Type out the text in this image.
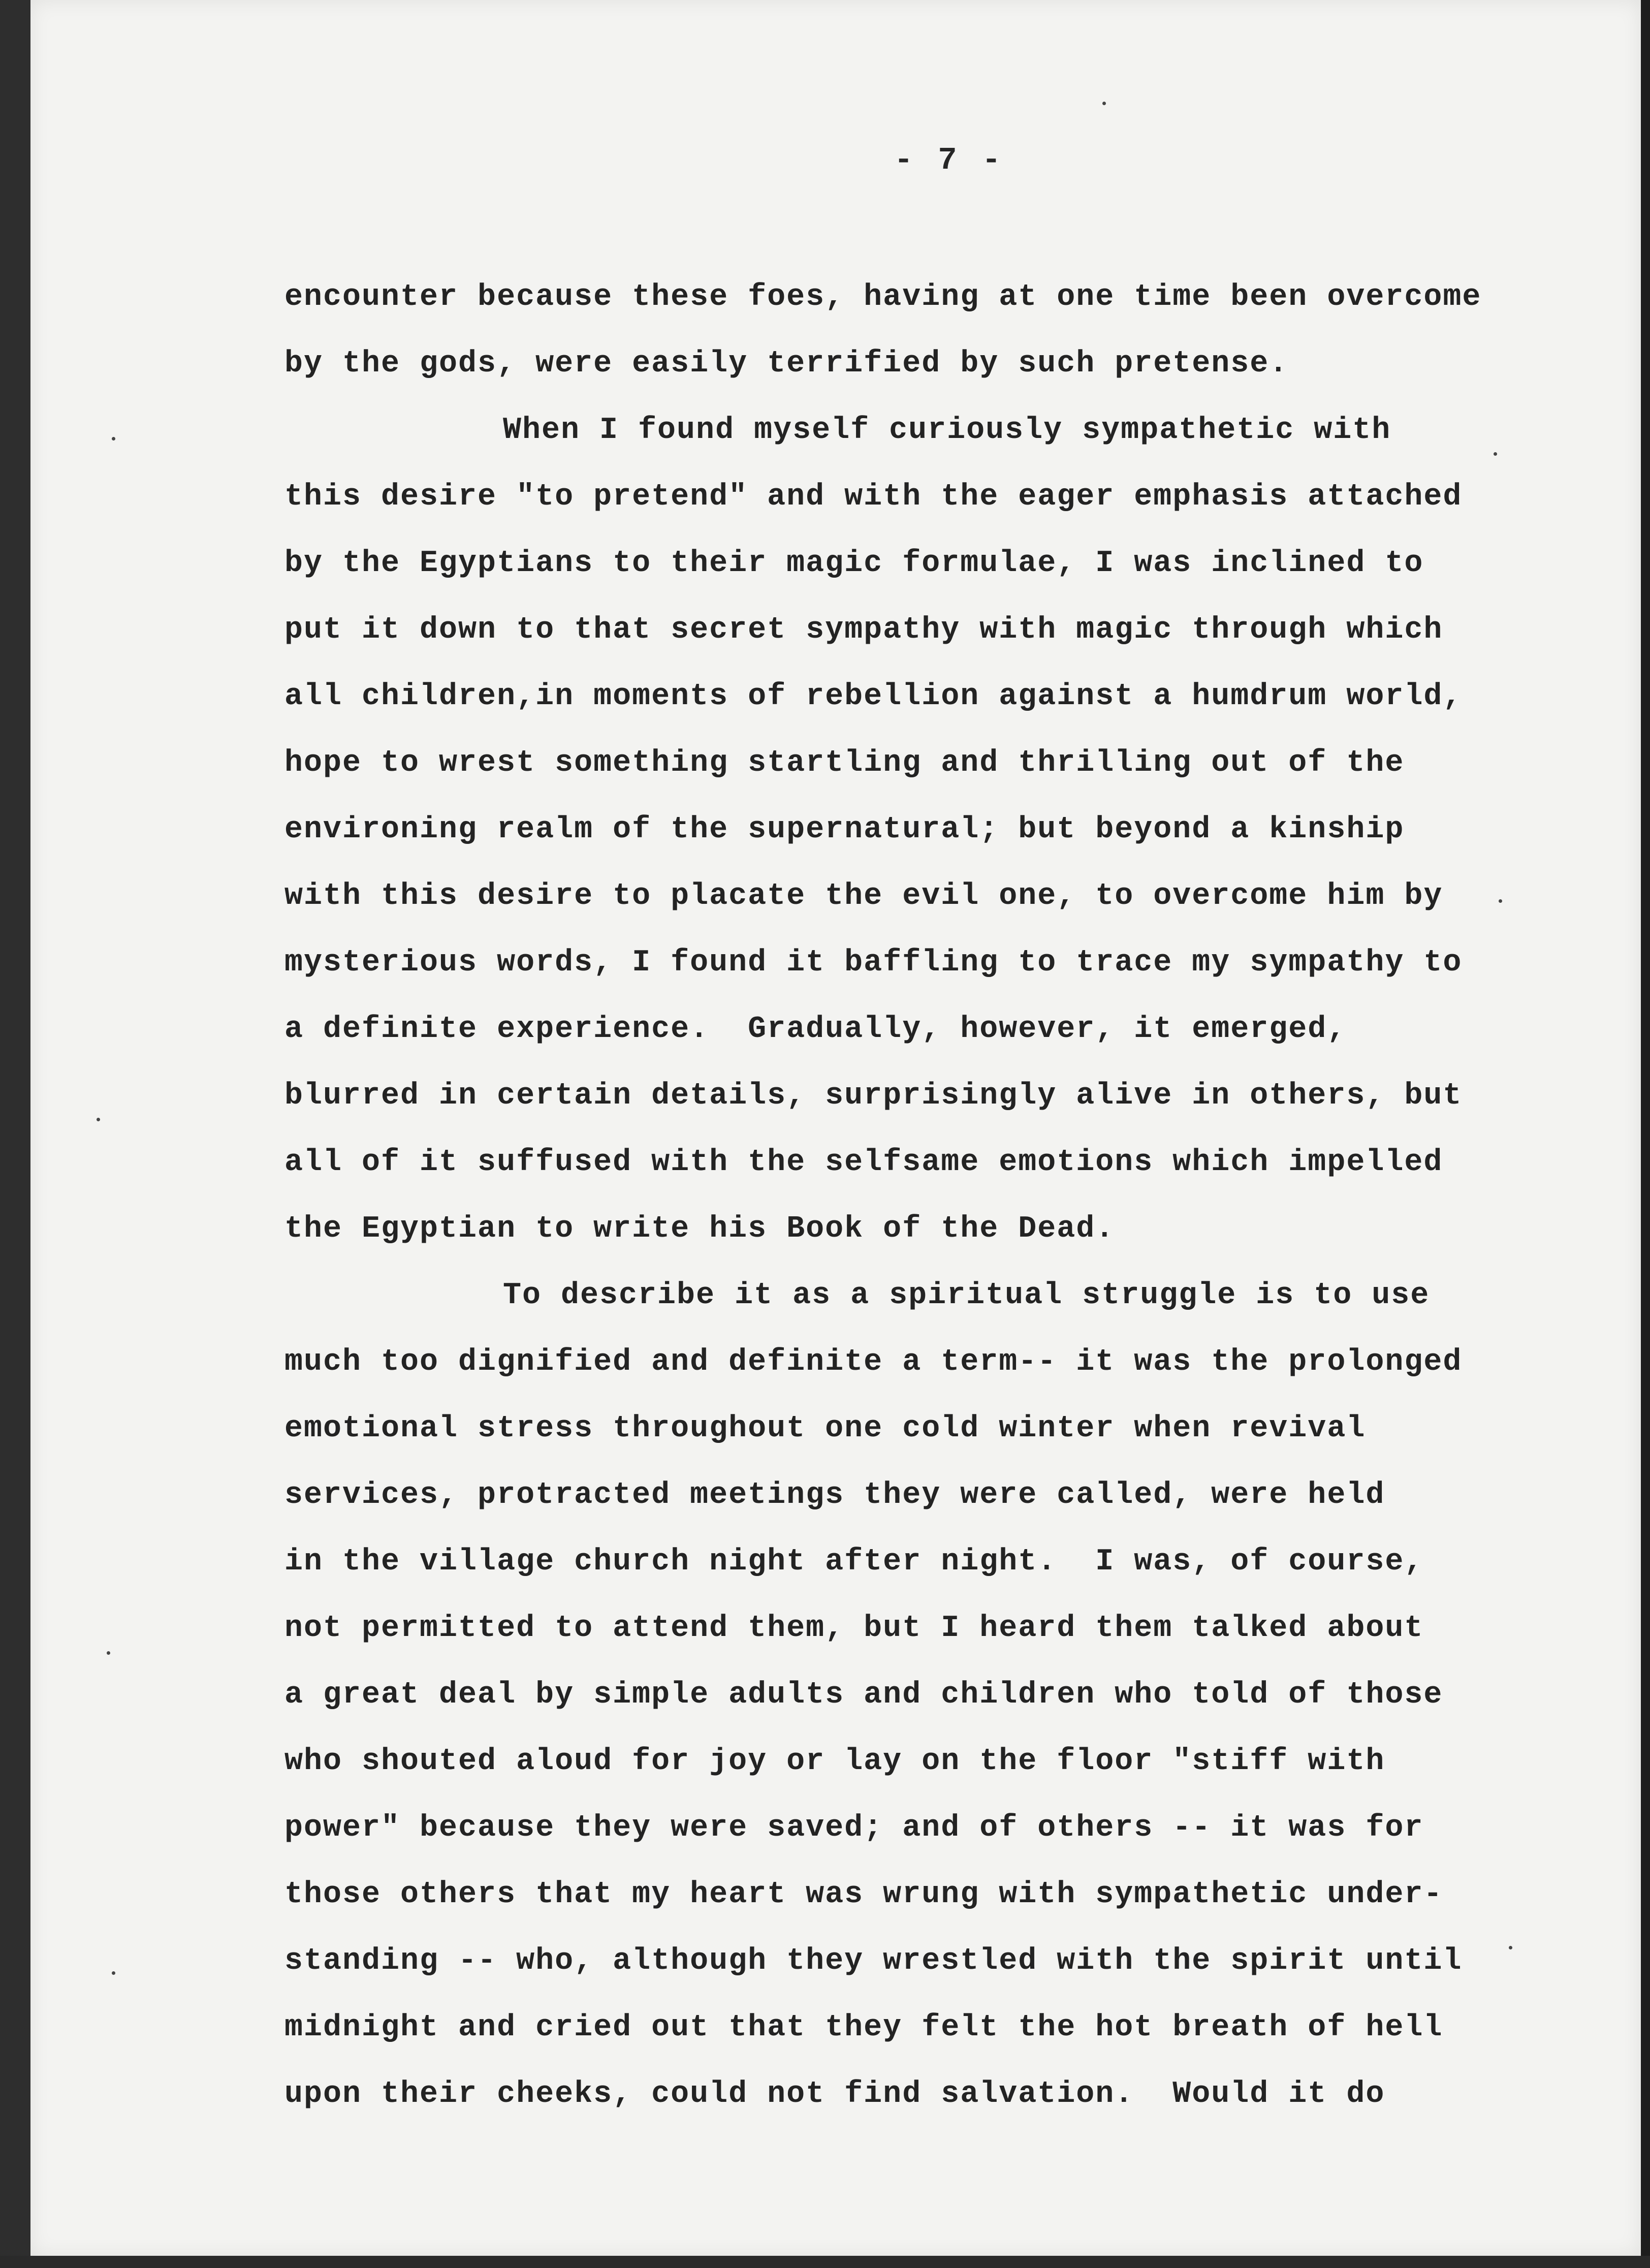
- 7 -
encounter because these foes, having at one time been overcome
by the gods, were easily terrified by such pretense.
When I found myself curiously sympathetic with
this desire "to pretend" and with the eager emphasis attached
by the Egyptians to their magic formulae, I was inclined to
put it down to that secret sympathy with magic through which
all children,in moments of rebellion against a humdrum world,
hope to wrest something startling and thrilling out of the
environing realm of the supernatural; but beyond a kinship
with this desire to placate the evil one, to overcome him by
mysterious words, I found it baffling to trace my sympathy to
a definite experience.  Gradually, however, it emerged,
blurred in certain details, surprisingly alive in others, but
all of it suffused with the selfsame emotions which impelled
the Egyptian to write his Book of the Dead.
To describe it as a spiritual struggle is to use
much too dignified and definite a term-- it was the prolonged
emotional stress throughout one cold winter when revival
services, protracted meetings they were called, were held
in the village church night after night.  I was, of course,
not permitted to attend them, but I heard them talked about
a great deal by simple adults and children who told of those
who shouted aloud for joy or lay on the floor "stiff with
power" because they were saved; and of others -- it was for
those others that my heart was wrung with sympathetic under-
standing -- who, although they wrestled with the spirit until
midnight and cried out that they felt the hot breath of hell
upon their cheeks, could not find salvation.  Would it do
